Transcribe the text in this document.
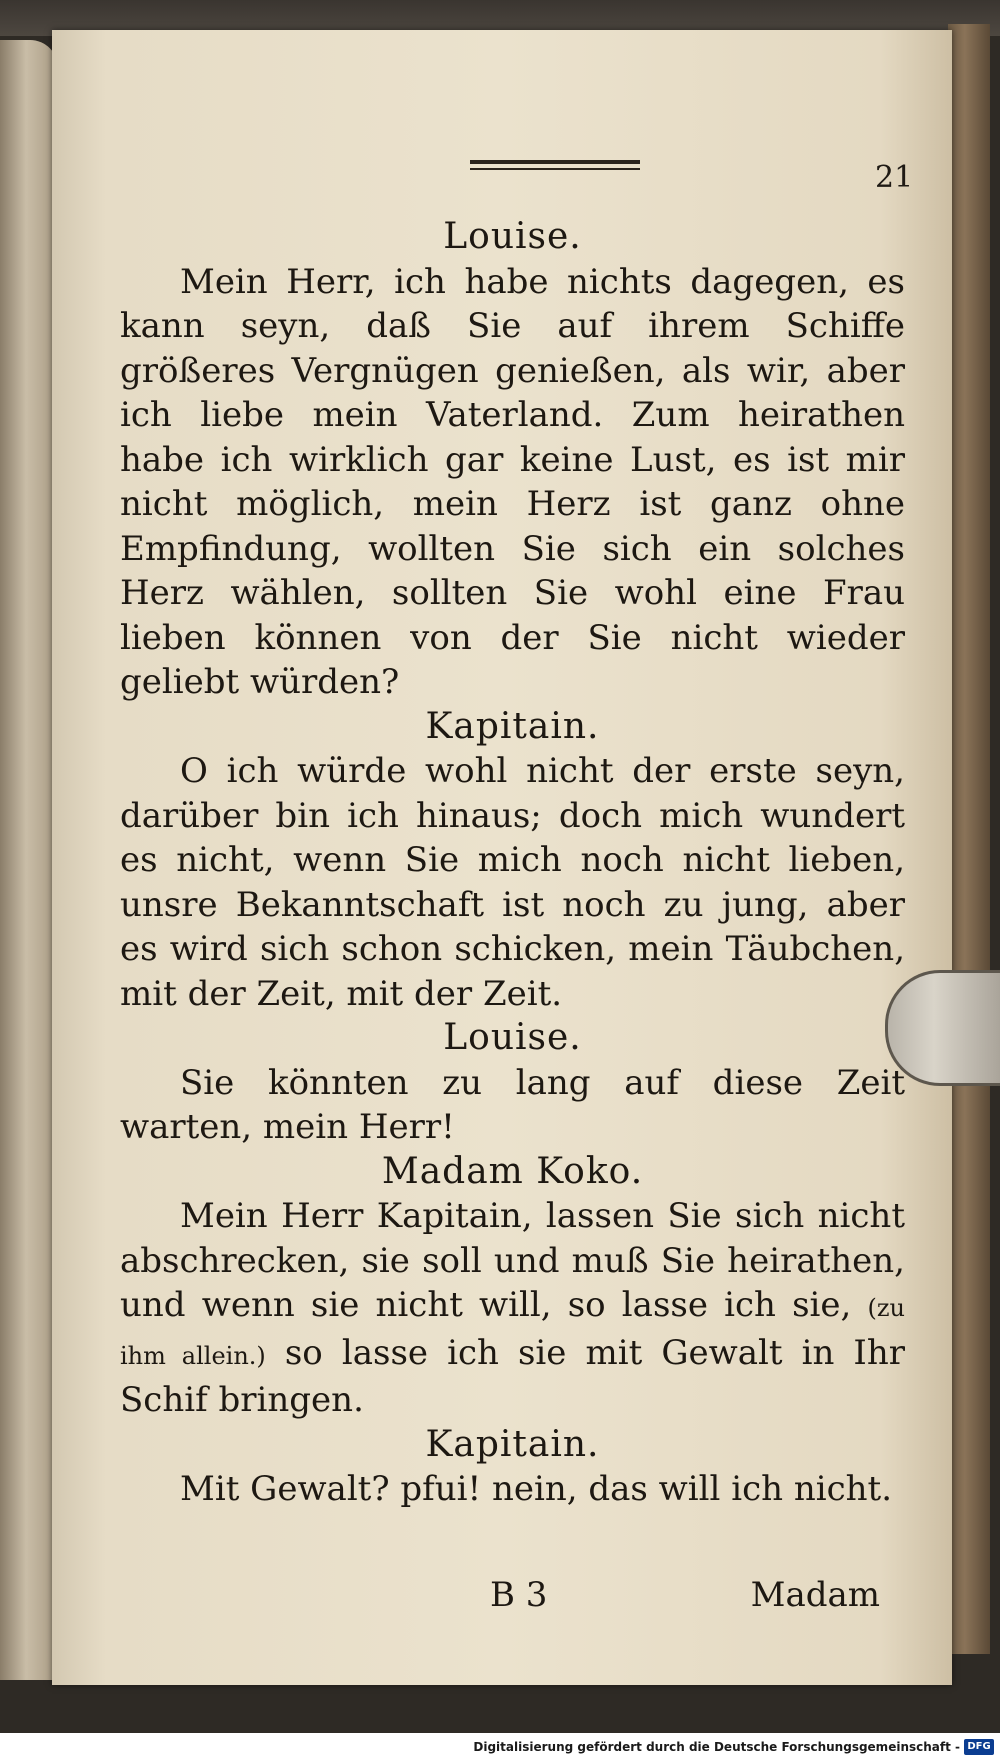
21
Louise.

Mein Herr, ich habe nichts dagegen, es kann seyn, daß Sie auf ihrem Schiffe größeres Vergnügen genießen, als wir, aber ich liebe mein Vaterland. Zum heirathen habe ich wirklich gar keine Lust, es ist mir nicht möglich, mein Herz ist ganz ohne Empfindung, wollten Sie sich ein solches Herz wählen, sollten Sie wohl eine Frau lieben können von der Sie nicht wieder geliebt würden?

Kapitain.

O ich würde wohl nicht der erste seyn, darüber bin ich hinaus; doch mich wundert es nicht, wenn Sie mich noch nicht lieben, unsre Bekanntschaft ist noch zu jung, aber es wird sich schon schicken, mein Täubchen, mit der Zeit, mit der Zeit.

Louise.

Sie könnten zu lang auf diese Zeit warten, mein Herr!

Madam Koko.

Mein Herr Kapitain, lassen Sie sich nicht abschrecken, sie soll und muß Sie heirathen, und wenn sie nicht will, so lasse ich sie, (zu ihm allein.) so lasse ich sie mit Gewalt in Ihr Schif bringen.

Kapitain.

Mit Gewalt? pfui! nein, das will ich nicht.

B 3	Madam
Digitalisierung gefördert durch die Deutsche Forschungsgemeinschaft - DFG
